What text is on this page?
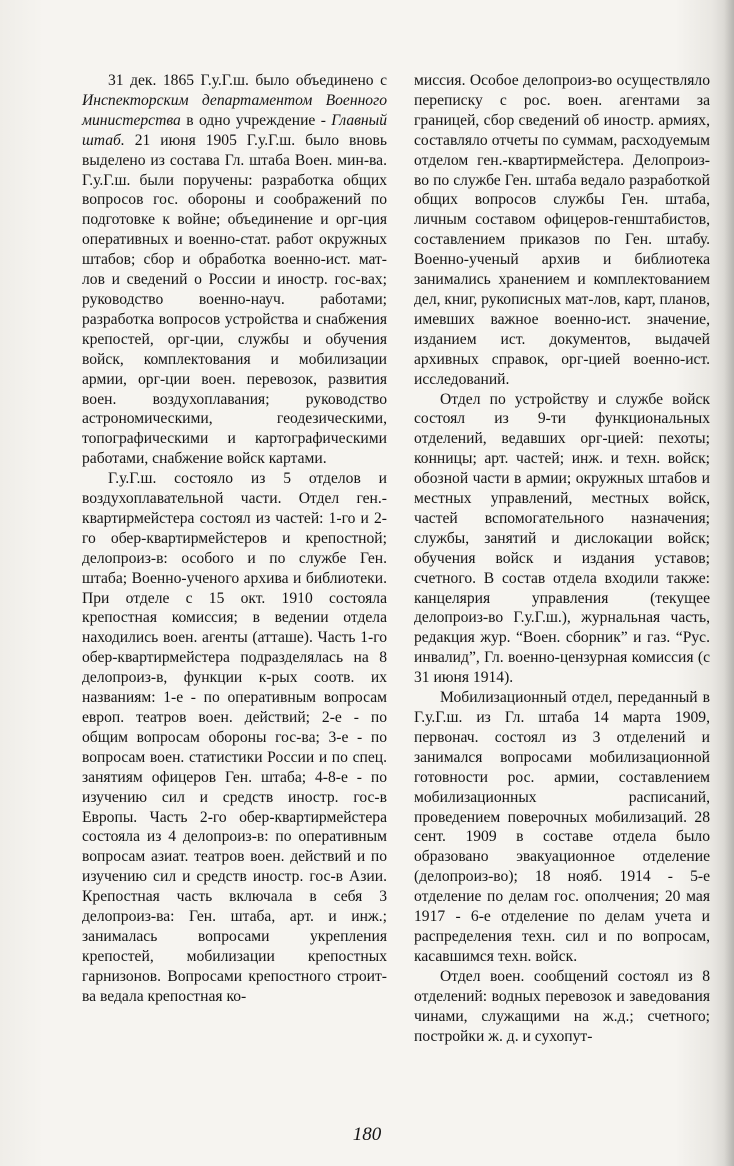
31 дек. 1865 Г.у.Г.ш. было объединено с Инспекторским департаментом Военного министерства в одно учреждение - Главный штаб. 21 июня 1905 Г.у.Г.ш. было вновь выделено из состава Гл. штаба Воен. мин-ва. Г.у.Г.ш. были поручены: разработка общих вопросов гос. обороны и соображений по подготовке к войне; объединение и орг-ция оперативных и военно-стат. работ окружных штабов; сбор и обработка военно-ист. мат-лов и сведений о России и иностр. гос-вах; руководство военно-науч. работами; разработка вопросов устройства и снабжения крепостей, орг-ции, службы и обучения войск, комплектования и мобилизации армии, орг-ции воен. перевозок, развития воен. воздухоплавания; руководство астрономическими, геодезическими, топографическими и картографическими работами, снабжение войск картами.

Г.у.Г.ш. состояло из 5 отделов и воздухоплавательной части. Отдел ген.-квартирмейстера состоял из частей: 1-го и 2-го обер-квартирмейстеров и крепостной; делопроиз-в: особого и по службе Ген. штаба; Военно-ученого архива и библиотеки. При отделе с 15 окт. 1910 состояла крепостная комиссия; в ведении отдела находились воен. агенты (атташе). Часть 1-го обер-квартирмейстера подразделялась на 8 делопроиз-в, функции к-рых соотв. их названиям: 1-е - по оперативным вопросам европ. театров воен. действий; 2-е - по общим вопросам обороны гос-ва; 3-е - по вопросам воен. статистики России и по спец. занятиям офицеров Ген. штаба; 4-8-е - по изучению сил и средств иностр. гос-в Европы. Часть 2-го обер-квартирмейстера состояла из 4 делопроиз-в: по оперативным вопросам азиат. театров воен. действий и по изучению сил и средств иностр. гос-в Азии. Крепостная часть включала в себя 3 делопроиз-ва: Ген. штаба, арт. и инж.; занималась вопросами укрепления крепостей, мобилизации крепостных гарнизонов. Вопросами крепостного строит-ва ведала крепостная ко-

миссия. Особое делопроиз-во осуществляло переписку с рос. воен. агентами за границей, сбор сведений об иностр. армиях, составляло отчеты по суммам, расходуемым отделом ген.-квартирмейстера. Делопроиз-во по службе Ген. штаба ведало разработкой общих вопросов службы Ген. штаба, личным составом офицеров-генштабистов, составлением приказов по Ген. штабу. Военно-ученый архив и библиотека занимались хранением и комплектованием дел, книг, рукописных мат-лов, карт, планов, имевших важное военно-ист. значение, изданием ист. документов, выдачей архивных справок, орг-цией военно-ист. исследований.

Отдел по устройству и службе войск состоял из 9-ти функциональных отделений, ведавших орг-цией: пехоты; конницы; арт. частей; инж. и техн. войск; обозной части в армии; окружных штабов и местных управлений, местных войск, частей вспомогательного назначения; службы, занятий и дислокации войск; обучения войск и издания уставов; счетного. В состав отдела входили также: канцелярия управления (текущее делопроиз-во Г.у.Г.ш.), журнальная часть, редакция жур. “Воен. сборник” и газ. “Рус. инвалид”, Гл. военно-цензурная комиссия (с 31 июня 1914).

Мобилизационный отдел, переданный в Г.у.Г.ш. из Гл. штаба 14 марта 1909, первонач. состоял из 3 отделений и занимался вопросами мобилизационной готовности рос. армии, составлением мобилизационных расписаний, проведением поверочных мобилизаций. 28 сент. 1909 в составе отдела было образовано эвакуационное отделение (делопроиз-во); 18 нояб. 1914 - 5-е отделение по делам гос. ополчения; 20 мая 1917 - 6-е отделение по делам учета и распределения техн. сил и по вопросам, касавшимся техн. войск.

Отдел воен. сообщений состоял из 8 отделений: водных перевозок и заведования чинами, служащими на ж.д.; счетного; постройки ж. д. и сухопут-

180
